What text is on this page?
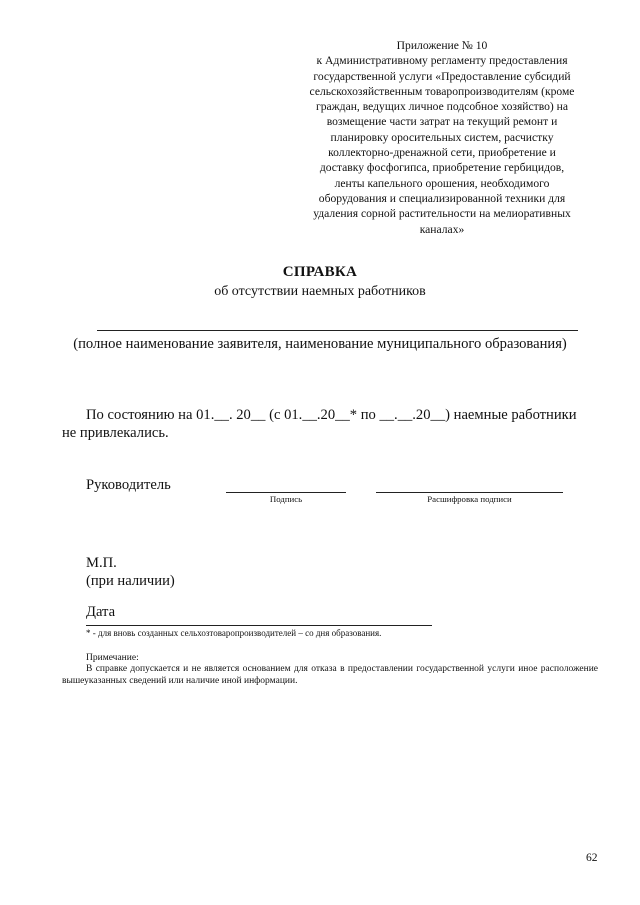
Приложение № 10
к Административному регламенту предоставления
государственной услуги «Предоставление субсидий
сельскохозяйственным товаропроизводителям (кроме
граждан, ведущих личное подсобное хозяйство) на
возмещение части затрат на текущий ремонт и
планировку оросительных систем, расчистку
коллекторно-дренажной сети, приобретение и
доставку фосфогипса, приобретение гербицидов,
ленты капельного орошения, необходимого
оборудования и специализированной техники для
удаления сорной растительности на мелиоративных
каналах»
СПРАВКА
об отсутствии наемных работников
(полное наименование заявителя, наименование муниципального образования)
По состоянию на 01.__. 20__ (с 01.__.20__* по __.__.20__) наемные работники
не привлекались.
Руководитель
Подпись	Расшифровка подписи
М.П.
(при наличии)
Дата
* - для вновь созданных сельхозтоваропроизводителей – со дня образования.
Примечание:
В справке допускается и не является основанием для отказа в предоставлении государственной услуги иное расположение вышеуказанных сведений или наличие иной информации.
62
